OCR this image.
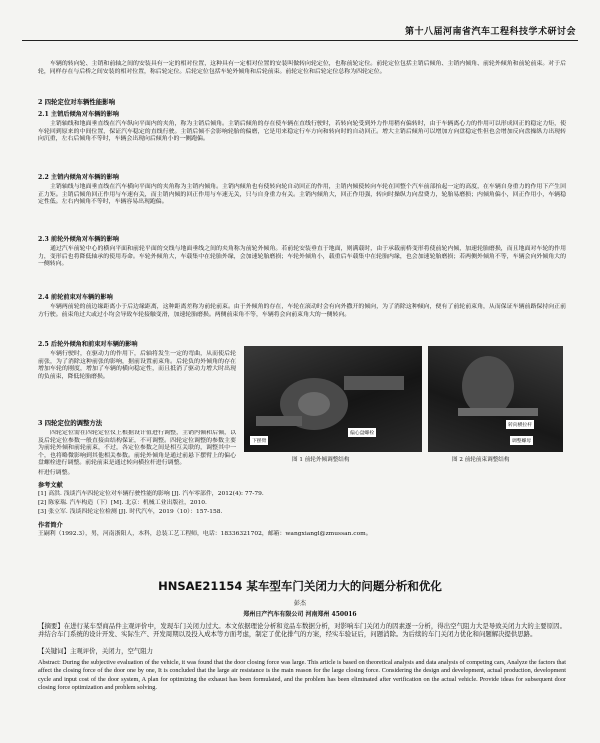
第十八届河南省汽车工程科技学术研讨会

车辆的转向轮、主销和前轴之间的安装具有一定的相对位置，这种具有一定相对位置的安装叫做转向轮定位，也称前轮定位。前轮定位包括主销后倾角、主销内倾角、前轮外倾角和前轮前束。对于后轮，同样存在与后桥之间安装的相对位置，称后轮定位。后轮定位包括车轮外倾角和后轮前束。前轮定位和后轮定位总称为四轮定位。

2 四轮定位对车辆性能影响

2.1 主销后倾角对车辆的影响

主销轴线和地面垂直线在汽车纵向平面内的夹角，称为主销后倾角。主销后倾角的存在使车辆在直线行驶时，若转向轮受到外力作用稍有偏转时，由于车辆离心力的作用可以形成回正的稳定力矩，使车轮回到原来的中间位置，保证汽车稳定的直线行驶。主销后倾不会影响轮胎的偏磨，它是用来稳定行车方向和转向时的自动回正。增大主销后倾角可以增加方向盘稳定性但也会增加反向盘操纵力出现转向沉重，左右后倾角不等时，车辆会出现向后倾角小的一侧跑偏。

2.2 主销内倾角对车辆的影响

主销轴线与地面垂直线在汽车横向平面内的夹角称为主销内倾角。主销内倾角也有使转向轮自动回正的作用，主销内倾使转向车轮在回整个汽车前部抬起一定的高度，在车辆自身重力的作用下产生回正力矩。主销后倾角回正作用与车速有关，而主销内倾的回正作用与车速无关，只与自身重力有关。主销内倾角大，回正作用强，转向时操纵力向盘费力，轮胎易磨损；内倾角偏小，回正作用小，车辆稳定性低。左右内倾角不等时，车辆容易出现跑偏。

2.3 前轮外倾角对车辆的影响

通过汽车前轮中心的横向平面和前轮平面的交线与地面垂线之间的夹角称为前轮外倾角。若前轮安装垂直于地面，则满载时，由于承载前桥变形将使前轮内倾，加速轮胎磨损，而且地面对车轮的作用力，变形后也将降低轴承的使用寿命。车轮外倾角大，车载集中在轮胎外缘，会加速轮胎磨损；车轮外倾角小，载重后车载集中在轮胎内缘，也会加速轮胎磨损；若两侧外倾角不等，车辆会向外倾角大的一侧转向。

2.4 前轮前束对车辆的影响

车辆两前轮的前边缘距离小于后边缘距离，这种距离差称为前轮前束。由于外倾角的存在，车轮在滚动时会有向外撒开的倾向，为了消除这种倾向，便有了前轮前束角，从而保证车辆前路保持向正前方行驶。前束角过大或过小均会导致车轮接触变滑，加速轮胎磨损。两侧前束角不等，车辆将会向前束角大的一侧转向。

2.5 后轮外倾角和前束对车辆的影响

车辆行驶时，在驱动力的作用下，后轴将发生一定的弯曲，从而使后轮前张，为了消除这种前张的影响，据前设置前束角。后轮负的外倾角的存在增加车轮的刚度，增加了车辆的横向稳定性，而且抵消了驱动力增大时出现的负前束，降低轮胎磨损。

3 四轮定位的调整方法

四轮定位需在四轮定位仪上根据设计值进行调整，主销内倾和后倾，以及后轮定位参数一般直接由结构保证，不可调整。四轮定位调整的参数主要为前轮外倾和前轮前束，不过，各定位参数之间是相互关联的，调整其中一个，也将略微影响到其他相关参数。前轮外倾角是通过前悬下摆臂上的偏心盘螺栓进行调整。前轮前束是通过转向横拉杆进行调整。

下摆臂
偏心盘螺栓
转向横拉杆
调整螺母
图 1 前轮外倾调整结构	图 2 前轮前束调整结构

杆进行调整。

参考文献

[1] 高洪. 浅谈汽车四轮定位对车辆行驶性能的影响 [J]. 汽车零部件，2012(4): 77-79.

[2] 陈家瑞. 汽车构造（下）[M]. 北京：机械工业出版社，2010.

[3] 张立军. 浅谈四轮定位检测 [J]. 时代汽车，2019（10）：157-158.

作者简介

王嗣利（1992.3），男，河南浙阳人，本科，总装工艺工程师，电话：18336321702，邮箱：wangxiangl@zmussan.com。

HNSAE21154 某车型车门关闭力大的问题分析和优化
彭杰
郑州日产汽车有限公司 河南郑州 450016

【摘要】在进行某车型商品件主观评价中，发现车门关闭力过大。本文依据理论分析和竞品车数据分析，对影响车门关闭力的因素逐一分析，得出空气阻力大是导致关闭力大的主要原因。并结合车门系统的设计开发、实际生产、开发周期以及投入成本等方面考虑，制定了优化排气的方案，经实车验证后，问题消除。为后续的车门关闭力优化和问题解决提供思路。

【关键词】主观评价，关闭力，空气阻力

Abstract: During the subjective evaluation of the vehicle, it was found that the door closing force was large. This article is based on theoretical analysis and data analysis of competing cars, Analyze the factors that affect the closing force of the door one by one, It is concluded that the large air resistance is the main reason for the large closing force. Considering the design and development, actual production, development cycle and input cost of the door system, A plan for optimizing the exhaust has been formulated, and the problem has been eliminated after verification on the actual vehicle. Provide ideas for subsequent door closing force optimization and problem solving.
